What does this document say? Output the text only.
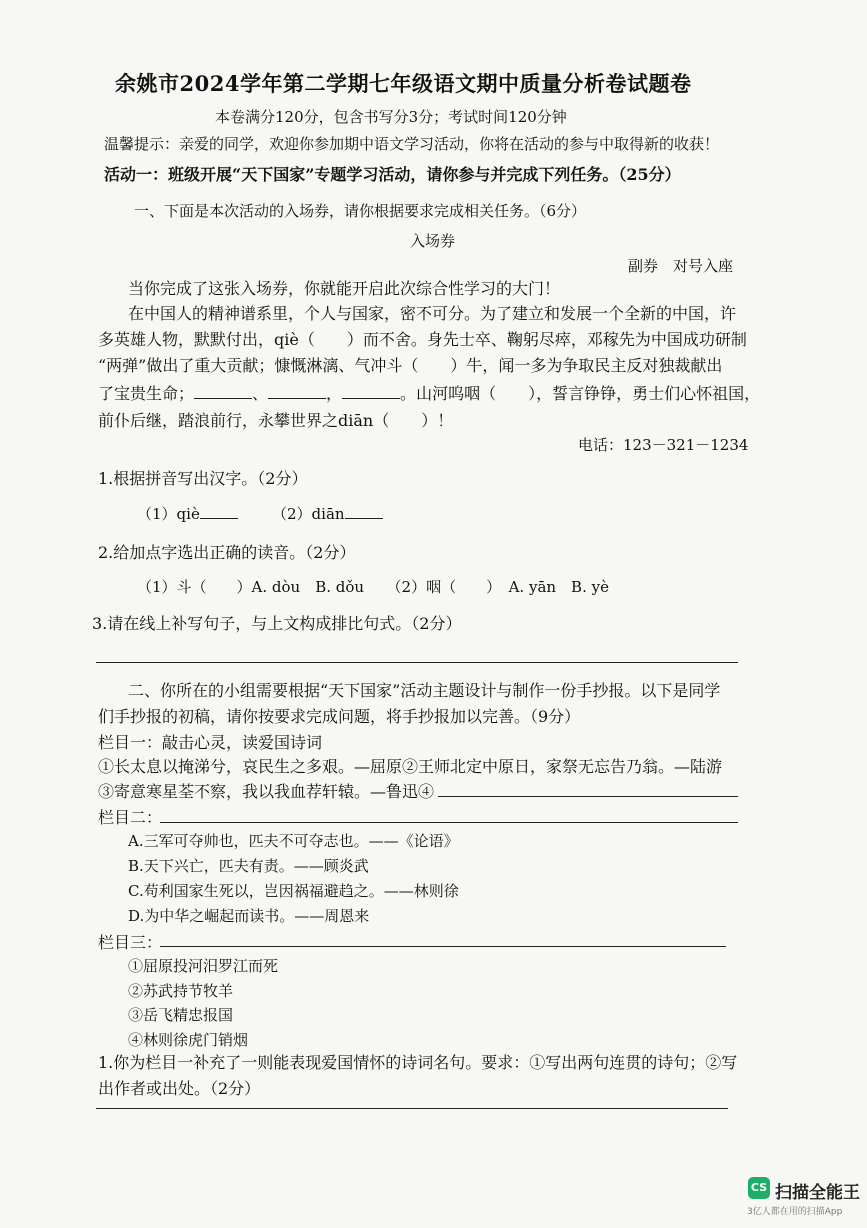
余姚市2024学年第二学期七年级语文期中质量分析卷试题卷
本卷满分120分，包含书写分3分；考试时间120分钟
温馨提示：亲爱的同学，欢迎你参加期中语文学习活动，你将在活动的参与中取得新的收获！
活动一：班级开展“天下国家”专题学习活动，请你参与并完成下列任务。（25分）
一、下面是本次活动的入场券，请你根据要求完成相关任务。（6分）
入场券
副券　对号入座
当你完成了这张入场券，你就能开启此次综合性学习的大门！
在中国人的精神谱系里，个人与国家，密不可分。为了建立和发展一个全新的中国，许
多英雄人物，默默付出，qiè（　　）而不舍。身先士卒、鞠躬尽瘁，邓稼先为中国成功研制
“两弹”做出了重大贡献；慷慨淋漓、气冲斗（　　）牛，闻一多为争取民主反对独裁献出
了宝贵生命；	、	，	。山河呜咽（　　），誓言铮铮，勇士们心怀祖国，
前仆后继，踏浪前行，永攀世界之diān（　　）！
电话：123－321－1234
1.根据拼音写出汉字。（2分）
（1）qiè	（2）diān
2.给加点字选出正确的读音。（2分）
（1）斗（　　）A. dòu　B. dǒu　　（2）咽（　　）　A. yān　B. yè
3.请在线上补写句子，与上文构成排比句式。（2分）
二、你所在的小组需要根据“天下国家”活动主题设计与制作一份手抄报。以下是同学
们手抄报的初稿，请你按要求完成问题，将手抄报加以完善。（9分）
栏目一：敲击心灵，读爱国诗词
①长太息以掩涕兮，哀民生之多艰。—屈原②王师北定中原日，家祭无忘告乃翁。—陆游
③寄意寒星荃不察，我以我血荐轩辕。—鲁迅④
栏目二：
A.三军可夺帅也，匹夫不可夺志也。——《论语》
B.天下兴亡，匹夫有责。——顾炎武
C.苟利国家生死以，岂因祸福避趋之。——林则徐
D.为中华之崛起而读书。——周恩来
栏目三：
①屈原投河汨罗江而死
②苏武持节牧羊
③岳飞精忠报国
④林则徐虎门销烟
1.你为栏目一补充了一则能表现爱国情怀的诗词名句。要求：①写出两句连贯的诗句；②写
出作者或出处。（2分）
CS 扫描全能王
3亿人都在用的扫描App
